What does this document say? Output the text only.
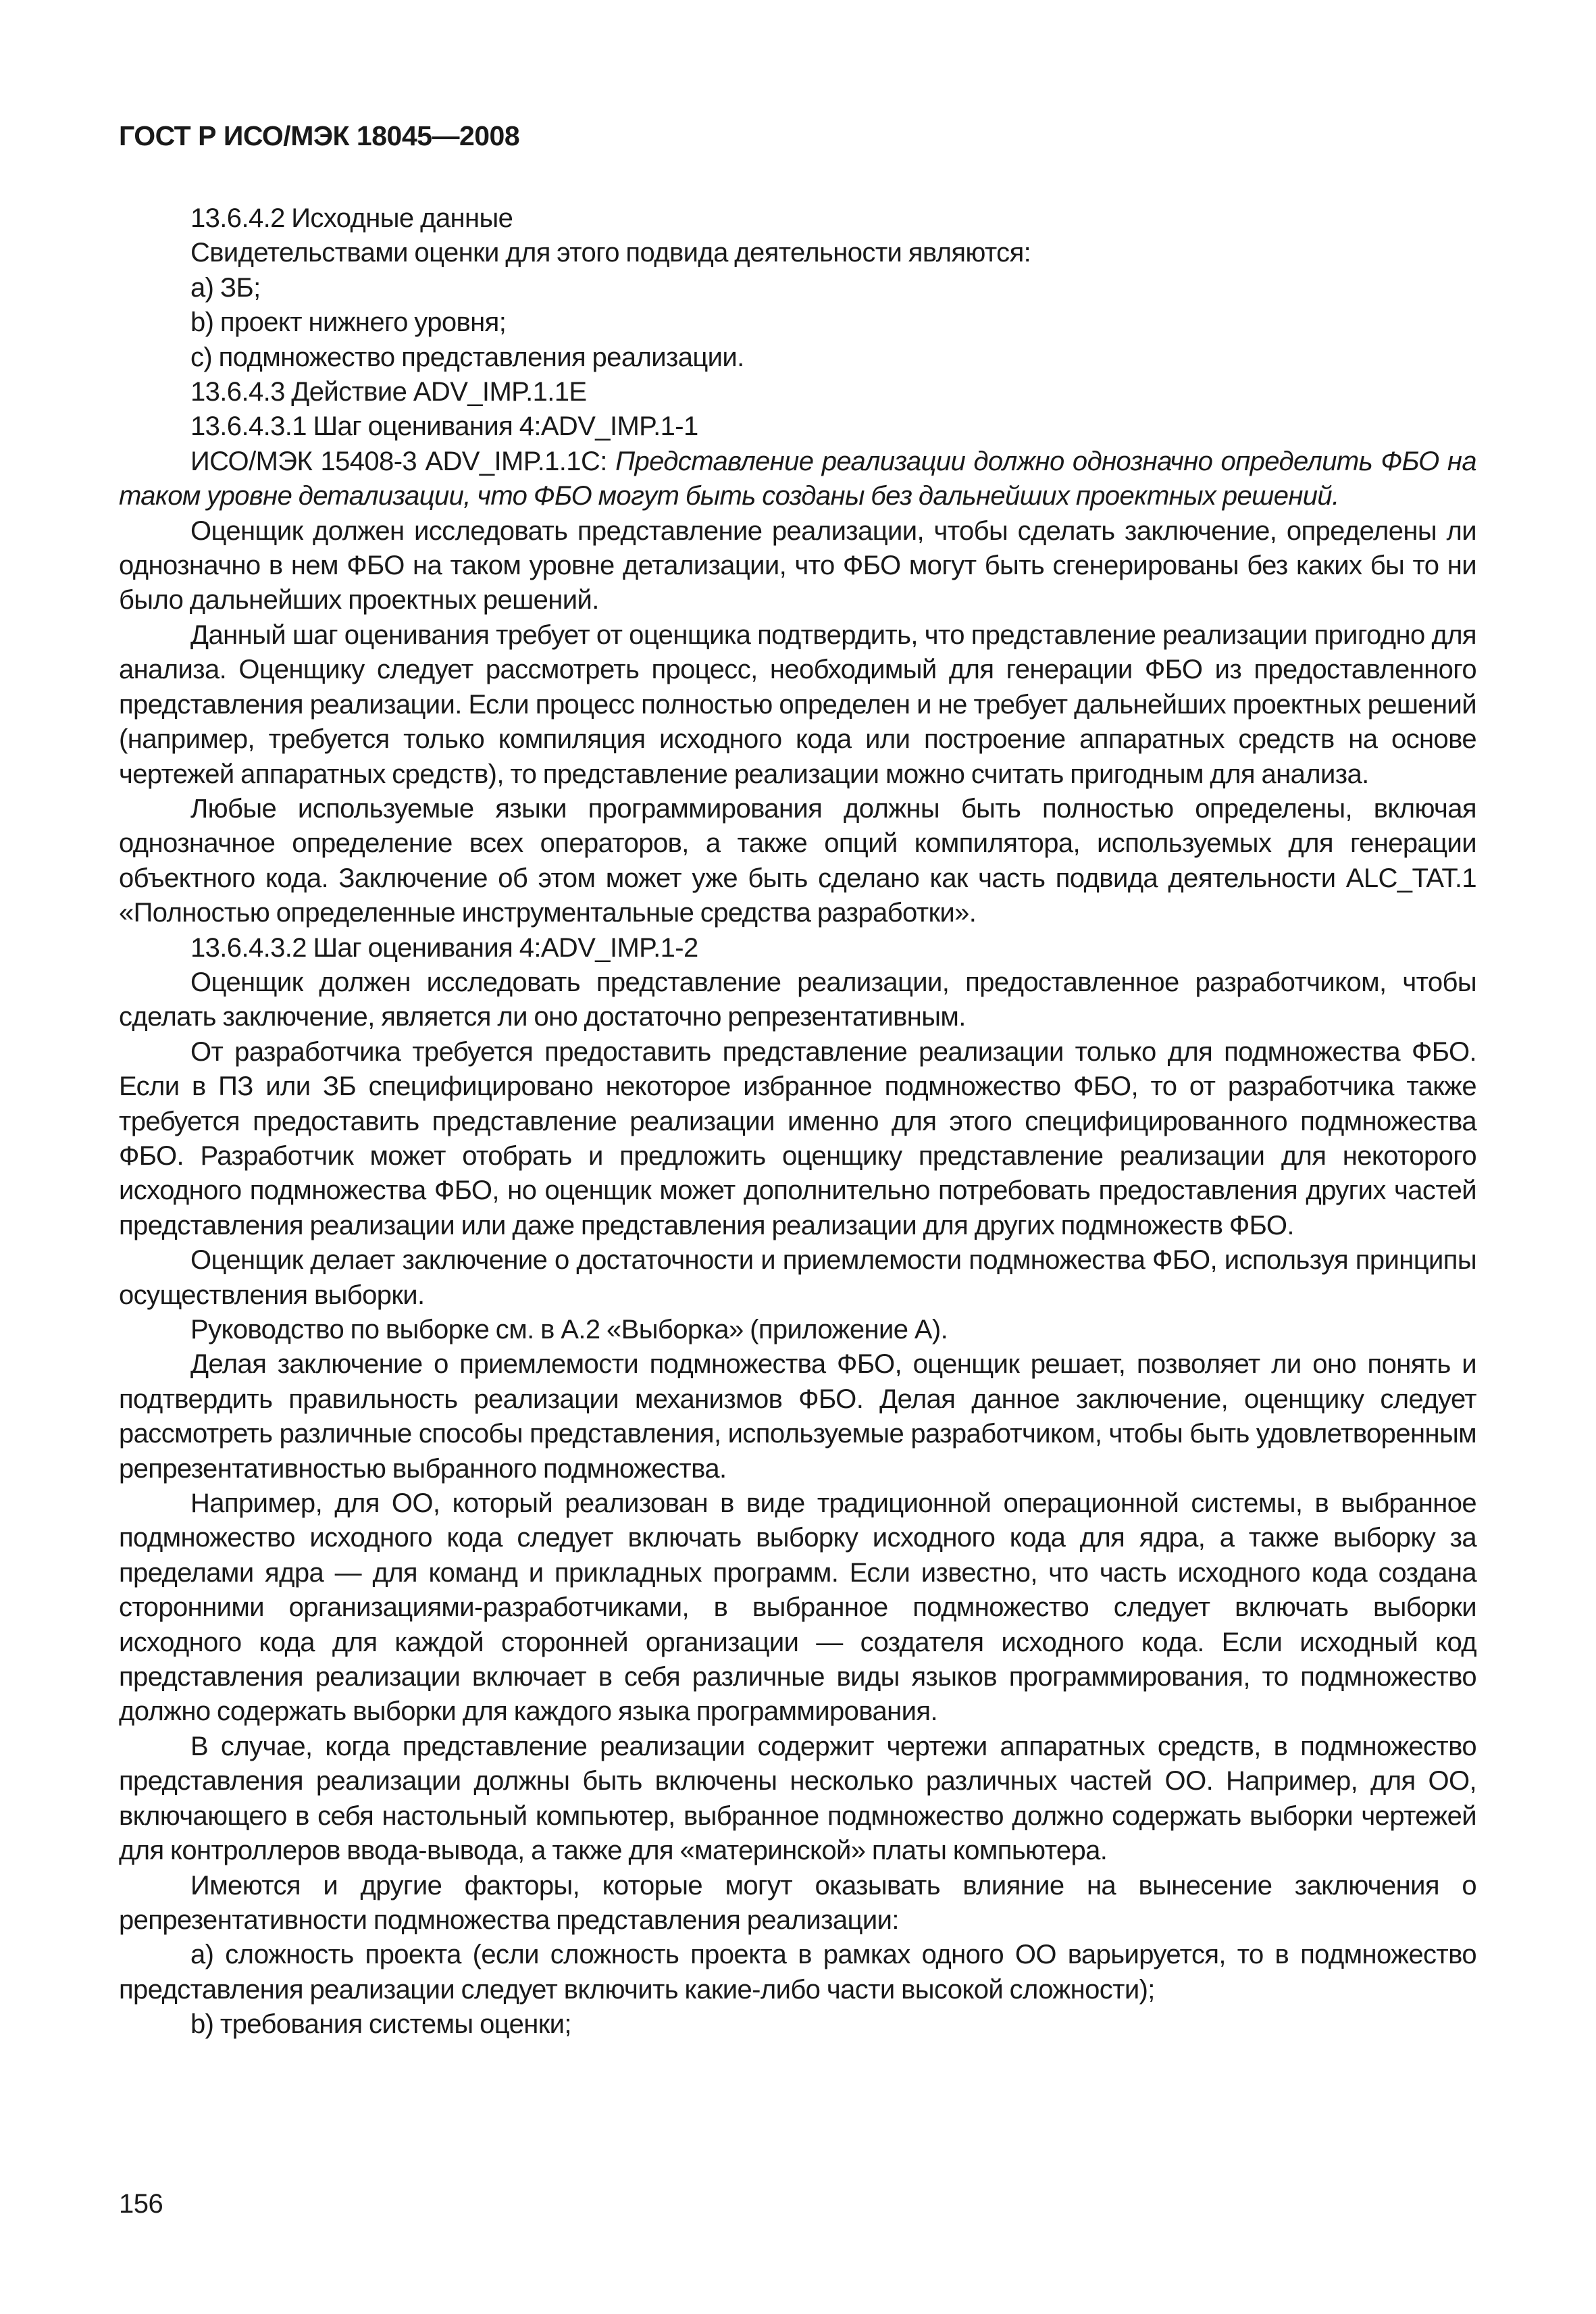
ГОСТ Р ИСО/МЭК 18045—2008

13.6.4.2 Исходные данные

Свидетельствами оценки для этого подвида деятельности являются:

a) ЗБ;

b) проект нижнего уровня;

c) подмножество представления реализации.

13.6.4.3 Действие ADV_IMP.1.1E

13.6.4.3.1 Шаг оценивания 4:ADV_IMP.1-1

ИСО/МЭК 15408-3 ADV_IMP.1.1C: Представление реализации должно однозначно определить ФБО на таком уровне детализации, что ФБО могут быть созданы без дальнейших проектных решений.

Оценщик должен исследовать представление реализации, чтобы сделать заключение, определены ли однозначно в нем ФБО на таком уровне детализации, что ФБО могут быть сгенерированы без каких бы то ни было дальнейших проектных решений.

Данный шаг оценивания требует от оценщика подтвердить, что представление реализации пригодно для анализа. Оценщику следует рассмотреть процесс, необходимый для генерации ФБО из предоставленного представления реализации. Если процесс полностью определен и не требует дальнейших проектных решений (например, требуется только компиляция исходного кода или построение аппаратных средств на основе чертежей аппаратных средств), то представление реализации можно считать пригодным для анализа.

Любые используемые языки программирования должны быть полностью определены, включая однозначное определение всех операторов, а также опций компилятора, используемых для генерации объектного кода. Заключение об этом может уже быть сделано как часть подвида деятельности ALC_TAT.1 «Полностью определенные инструментальные средства разработки».

13.6.4.3.2 Шаг оценивания 4:ADV_IMP.1-2

Оценщик должен исследовать представление реализации, предоставленное разработчиком, чтобы сделать заключение, является ли оно достаточно репрезентативным.

От разработчика требуется предоставить представление реализации только для подмножества ФБО. Если в ПЗ или ЗБ специфицировано некоторое избранное подмножество ФБО, то от разработчика также требуется предоставить представление реализации именно для этого специфицированного подмножества ФБО. Разработчик может отобрать и предложить оценщику представление реализации для некоторого исходного подмножества ФБО, но оценщик может дополнительно потребовать предоставления других частей представления реализации или даже представления реализации для других подмножеств ФБО.

Оценщик делает заключение о достаточности и приемлемости подмножества ФБО, используя принципы осуществления выборки.

Руководство по выборке см. в А.2 «Выборка» (приложение А).

Делая заключение о приемлемости подмножества ФБО, оценщик решает, позволяет ли оно понять и подтвердить правильность реализации механизмов ФБО. Делая данное заключение, оценщику следует рассмотреть различные способы представления, используемые разработчиком, чтобы быть удовлетворенным репрезентативностью выбранного подмножества.

Например, для ОО, который реализован в виде традиционной операционной системы, в выбранное подмножество исходного кода следует включать выборку исходного кода для ядра, а также выборку за пределами ядра — для команд и прикладных программ. Если известно, что часть исходного кода создана сторонними организациями-разработчиками, в выбранное подмножество следует включать выборки исходного кода для каждой сторонней организации — создателя исходного кода. Если исходный код представления реализации включает в себя различные виды языков программирования, то подмножество должно содержать выборки для каждого языка программирования.

В случае, когда представление реализации содержит чертежи аппаратных средств, в подмножество представления реализации должны быть включены несколько различных частей ОО. Например, для ОО, включающего в себя настольный компьютер, выбранное подмножество должно содержать выборки чертежей для контроллеров ввода-вывода, а также для «материнской» платы компьютера.

Имеются и другие факторы, которые могут оказывать влияние на вынесение заключения о репрезентативности подмножества представления реализации:

a) сложность проекта (если сложность проекта в рамках одного ОО варьируется, то в подмножество представления реализации следует включить какие-либо части высокой сложности);

b) требования системы оценки;

156
